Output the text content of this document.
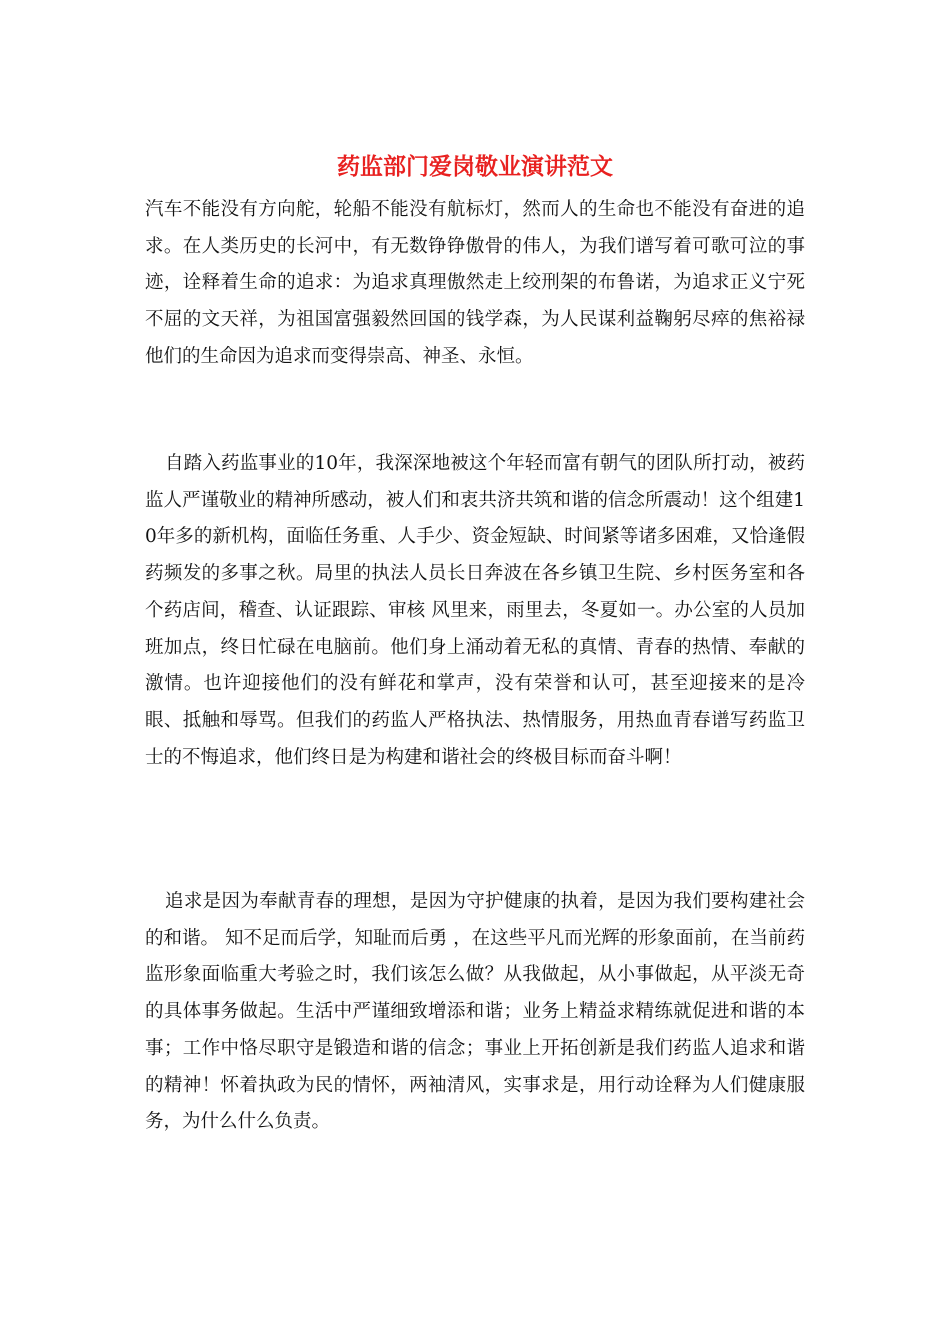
药监部门爱岗敬业演讲范文

汽车不能没有方向舵，轮船不能没有航标灯，然而人的生命也不能没有奋进的追求。在人类历史的长河中，有无数铮铮傲骨的伟人，为我们谱写着可歌可泣的事迹，诠释着生命的追求：为追求真理傲然走上绞刑架的布鲁诺，为追求正义宁死不屈的文天祥，为祖国富强毅然回国的钱学森，为人民谋利益鞠躬尽瘁的焦裕禄 他们的生命因为追求而变得崇高、神圣、永恒。

自踏入药监事业的10年，我深深地被这个年轻而富有朝气的团队所打动，被药监人严谨敬业的精神所感动，被人们和衷共济共筑和谐的信念所震动！这个组建10年多的新机构，面临任务重、人手少、资金短缺、时间紧等诸多困难，又恰逢假药频发的多事之秋。局里的执法人员长日奔波在各乡镇卫生院、乡村医务室和各个药店间，稽查、认证跟踪、审核 风里来，雨里去，冬夏如一。办公室的人员加班加点，终日忙碌在电脑前。他们身上涌动着无私的真情、青春的热情、奉献的激情。也许迎接他们的没有鲜花和掌声，没有荣誉和认可，甚至迎接来的是冷眼、抵触和辱骂。但我们的药监人严格执法、热情服务，用热血青春谱写药监卫士的不悔追求，他们终日是为构建和谐社会的终极目标而奋斗啊！

追求是因为奉献青春的理想，是因为守护健康的执着，是因为我们要构建社会的和谐。 知不足而后学，知耻而后勇 ，在这些平凡而光辉的形象面前，在当前药监形象面临重大考验之时，我们该怎么做？从我做起，从小事做起，从平淡无奇的具体事务做起。生活中严谨细致增添和谐；业务上精益求精练就促进和谐的本事；工作中恪尽职守是锻造和谐的信念；事业上开拓创新是我们药监人追求和谐的精神！怀着执政为民的情怀，两袖清风，实事求是，用行动诠释为人们健康服务，为什么什么负责。
